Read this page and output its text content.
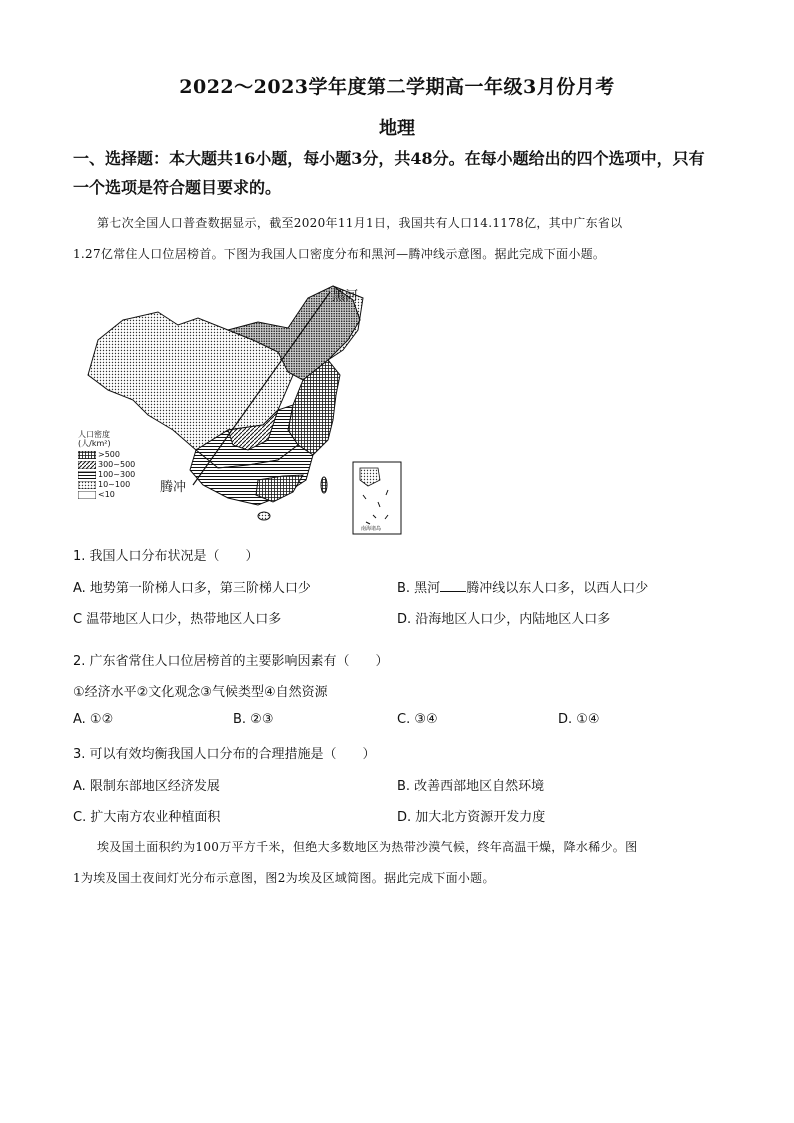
2022～2023学年度第二学期高一年级3月份月考
地理
一、选择题：本大题共16小题，每小题3分，共48分。在每小题给出的四个选项中，只有
一个选项是符合题目要求的。
第七次全国人口普查数据显示，截至2020年11月1日，我国共有人口14.1178亿，其中广东省以
1.27亿常住人口位居榜首。下图为我国人口密度分布和黑河—腾冲线示意图。据此完成下面小题。
黑河
腾冲
南海诸岛
人口密度
(人/km²)
>500
300~500
100~300
10~100
<10
1. 我国人口分布状况是（　　）
A. 地势第一阶梯人口多，第三阶梯人口少	B. 黑河 腾冲线以东人口多，以西人口少
C 温带地区人口少，热带地区人口多	D. 沿海地区人口少，内陆地区人口多
2. 广东省常住人口位居榜首的主要影响因素有（　　）
①经济水平②文化观念③气候类型④自然资源
A. ①②	B. ②③	C. ③④	D. ①④
3. 可以有效均衡我国人口分布的合理措施是（　　）
A. 限制东部地区经济发展	B. 改善西部地区自然环境
C. 扩大南方农业种植面积	D. 加大北方资源开发力度
埃及国土面积约为100万平方千米，但绝大多数地区为热带沙漠气候，终年高温干燥，降水稀少。图
1为埃及国土夜间灯光分布示意图，图2为埃及区域简图。据此完成下面小题。
